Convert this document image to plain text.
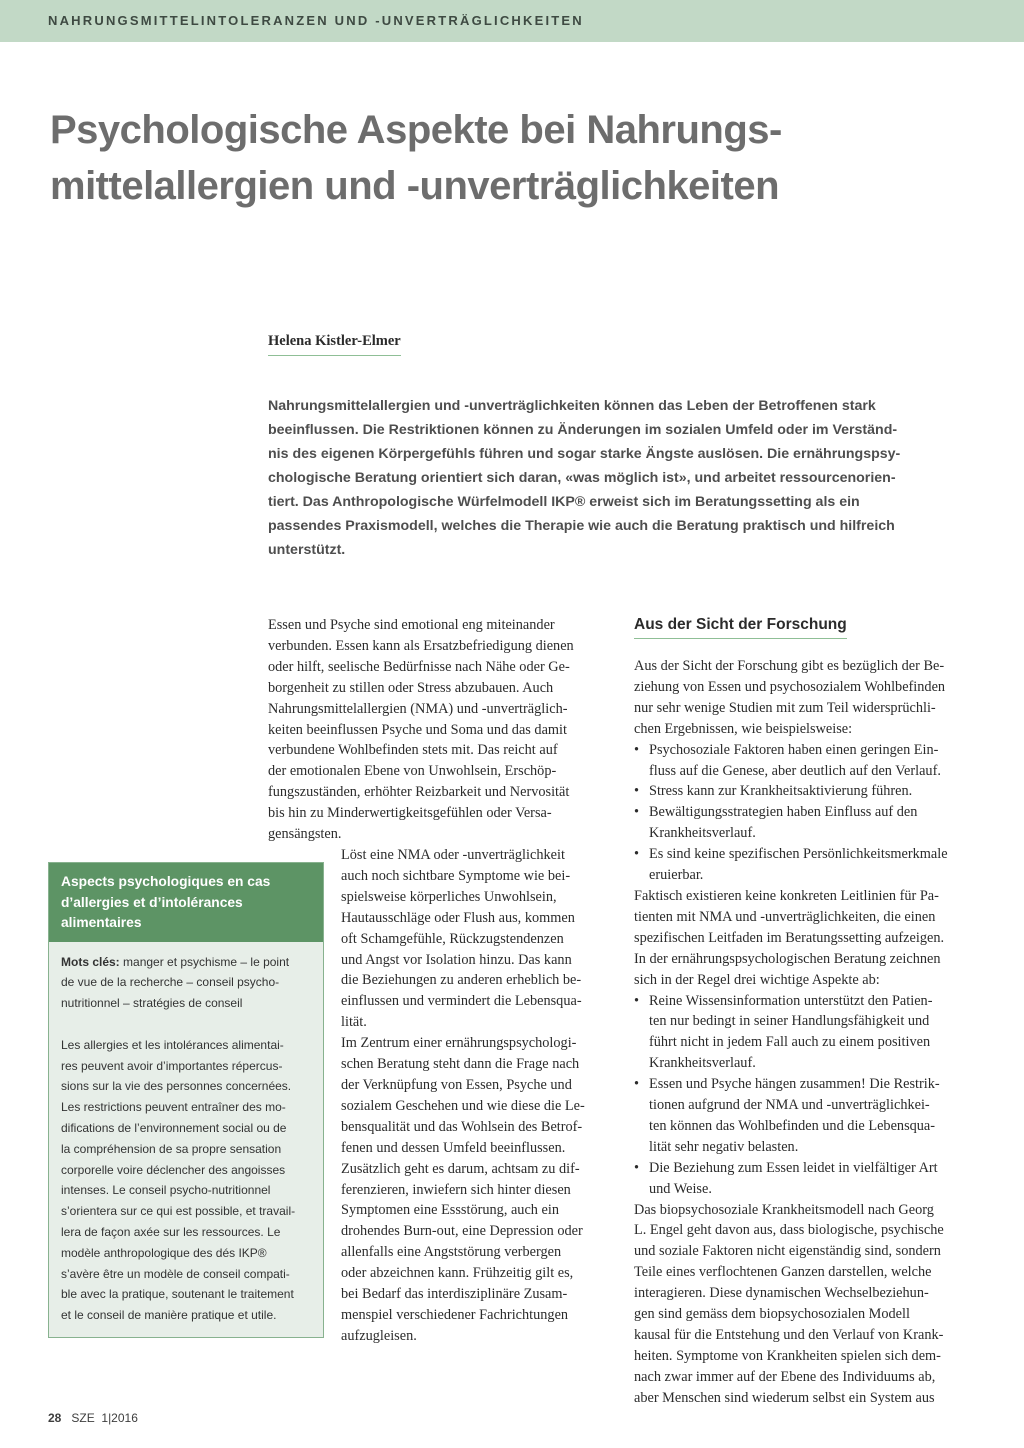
NAHRUNGSMITTELINTOLERANZEN UND -UNVERTRÄGLICHKEITEN
Psychologische Aspekte bei Nahrungs-
mittelallergien und -unverträglichkeiten
Helena Kistler-Elmer
Nahrungsmittelallergien und -unverträglichkeiten können das Leben der Betroffenen stark
beeinflussen. Die Restriktionen können zu Änderungen im sozialen Umfeld oder im Verständ-
nis des eigenen Körpergefühls führen und sogar starke Ängste auslösen. Die ernährungspsy-
chologische Beratung orientiert sich daran, «was möglich ist», und arbeitet ressourcenorien-
tiert. Das Anthropologische Würfelmodell IKP® erweist sich im Beratungssetting als ein
passendes Praxismodell, welches die Therapie wie auch die Beratung praktisch und hilfreich
unterstützt.
Essen und Psyche sind emotional eng miteinander
verbunden. Essen kann als Ersatzbefriedigung dienen
oder hilft, seelische Bedürfnisse nach Nähe oder Ge-
borgenheit zu stillen oder Stress abzubauen. Auch
Nahrungsmittelallergien (NMA) und -unverträglich-
keiten beeinflussen Psyche und Soma und das damit
verbundene Wohlbefinden stets mit. Das reicht auf
der emotionalen Ebene von Unwohlsein, Erschöp-
fungszuständen, erhöhter Reizbarkeit und Nervosität
bis hin zu Minderwertigkeitsgefühlen oder Versa-
gensängsten.
Löst eine NMA oder -unverträglichkeit
auch noch sichtbare Symptome wie bei-
spielsweise körperliches Unwohlsein,
Hautausschläge oder Flush aus, kommen
oft Schamgefühle, Rückzugstendenzen
und Angst vor Isolation hinzu. Das kann
die Beziehungen zu anderen erheblich be-
einflussen und vermindert die Lebensqua-
lität.
Im Zentrum einer ernährungspsychologi-
schen Beratung steht dann die Frage nach
der Verknüpfung von Essen, Psyche und
sozialem Geschehen und wie diese die Le-
bensqualität und das Wohlsein des Betrof-
fenen und dessen Umfeld beeinflussen.
Zusätzlich geht es darum, achtsam zu dif-
ferenzieren, inwiefern sich hinter diesen
Symptomen eine Essstörung, auch ein
drohendes Burn-out, eine Depression oder
allenfalls eine Angststörung verbergen
oder abzeichnen kann. Frühzeitig gilt es,
bei Bedarf das interdisziplinäre Zusam-
menspiel verschiedener Fachrichtungen
aufzugleisen.
Aspects psychologiques en cas
d’allergies et d’intolérances
alimentaires
Mots clés: manger et psychisme – le point
de vue de la recherche – conseil psycho-
nutritionnel – stratégies de conseil
Les allergies et les intolérances alimentai-
res peuvent avoir d’importantes répercus-
sions sur la vie des personnes concernées.
Les restrictions peuvent entraîner des mo-
difications de l’environnement social ou de
la compréhension de sa propre sensation
corporelle voire déclencher des angoisses
intenses. Le conseil psycho-nutritionnel
s’orientera sur ce qui est possible, et travail-
lera de façon axée sur les ressources. Le
modèle anthropologique des dés IKP®
s’avère être un modèle de conseil compati-
ble avec la pratique, soutenant le traitement
et le conseil de manière pratique et utile.
Aus der Sicht der Forschung
Aus der Sicht der Forschung gibt es bezüglich der Be-
ziehung von Essen und psychosozialem Wohlbefinden
nur sehr wenige Studien mit zum Teil widersprüchli-
chen Ergebnissen, wie beispielsweise:
• Psychosoziale Faktoren haben einen geringen Ein-
fluss auf die Genese, aber deutlich auf den Verlauf.
• Stress kann zur Krankheitsaktivierung führen.
• Bewältigungsstrategien haben Einfluss auf den
Krankheitsverlauf.
• Es sind keine spezifischen Persönlichkeitsmerkmale
eruierbar.
Faktisch existieren keine konkreten Leitlinien für Pa-
tienten mit NMA und -unverträglichkeiten, die einen
spezifischen Leitfaden im Beratungssetting aufzeigen.
In der ernährungspsychologischen Beratung zeichnen
sich in der Regel drei wichtige Aspekte ab:
• Reine Wissensinformation unterstützt den Patien-
ten nur bedingt in seiner Handlungsfähigkeit und
führt nicht in jedem Fall auch zu einem positiven
Krankheitsverlauf.
• Essen und Psyche hängen zusammen! Die Restrik-
tionen aufgrund der NMA und -unverträglichkei-
ten können das Wohlbefinden und die Lebensqua-
lität sehr negativ belasten.
• Die Beziehung zum Essen leidet in vielfältiger Art
und Weise.
Das biopsychosoziale Krankheitsmodell nach Georg
L. Engel geht davon aus, dass biologische, psychische
und soziale Faktoren nicht eigenständig sind, sondern
Teile eines verflochtenen Ganzen darstellen, welche
interagieren. Diese dynamischen Wechselbeziehun-
gen sind gemäss dem biopsychosozialen Modell
kausal für die Entstehung und den Verlauf von Krank-
heiten. Symptome von Krankheiten spielen sich dem-
nach zwar immer auf der Ebene des Individuums ab,
aber Menschen sind wiederum selbst ein System aus
28 SZE 1|2016
